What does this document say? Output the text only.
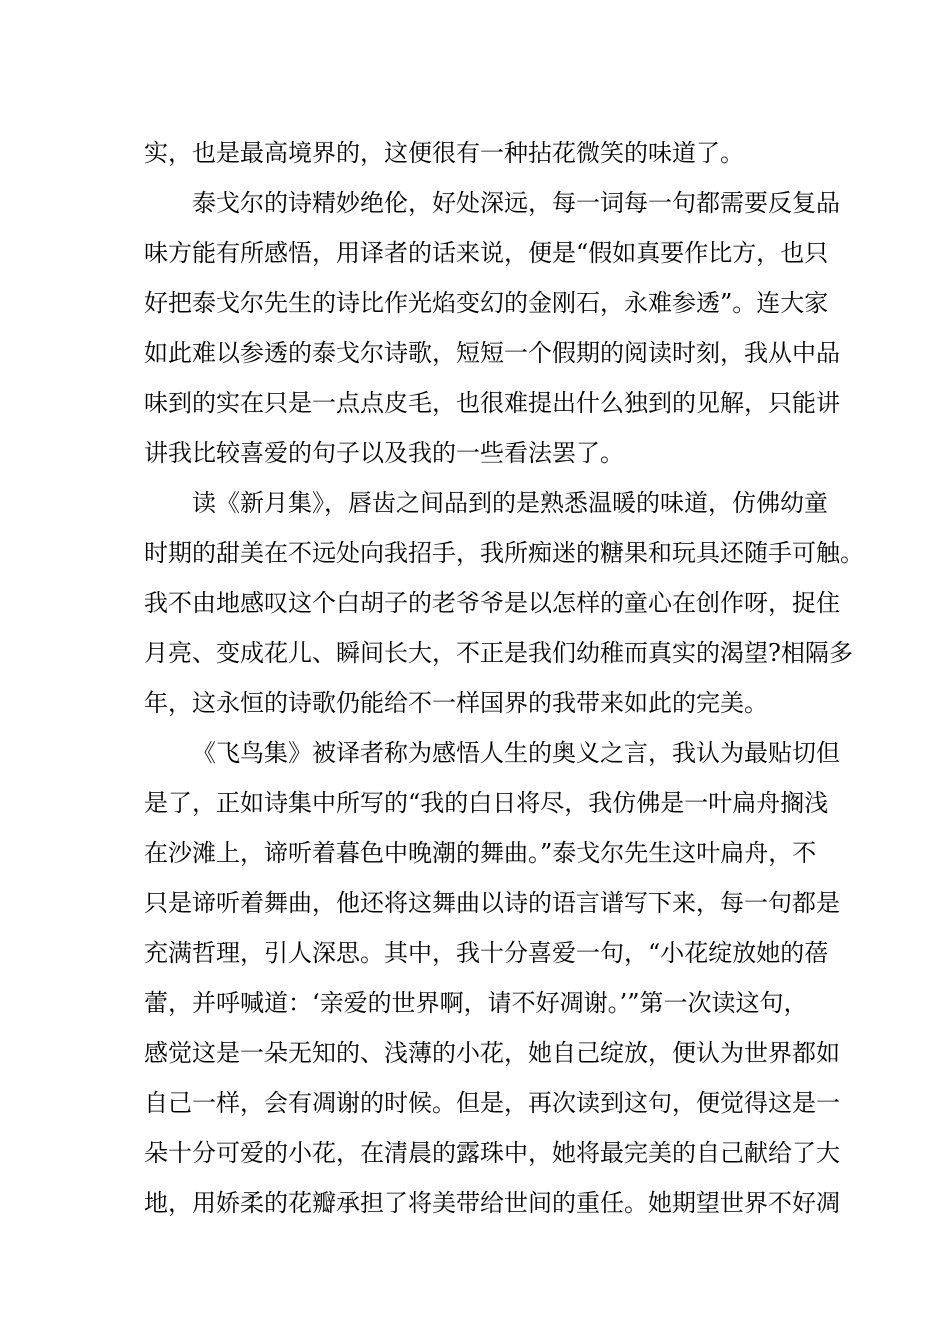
实，也是最高境界的，这便很有一种拈花微笑的味道了。
泰戈尔的诗精妙绝伦，好处深远，每一词每一句都需要反复品
味方能有所感悟，用译者的话来说，便是“假如真要作比方，也只
好把泰戈尔先生的诗比作光焰变幻的金刚石，永难参透”。连大家
如此难以参透的泰戈尔诗歌，短短一个假期的阅读时刻，我从中品
味到的实在只是一点点皮毛，也很难提出什么独到的见解，只能讲
讲我比较喜爱的句子以及我的一些看法罢了。
读《新月集》，唇齿之间品到的是熟悉温暖的味道，仿佛幼童
时期的甜美在不远处向我招手，我所痴迷的糖果和玩具还随手可触。
我不由地感叹这个白胡子的老爷爷是以怎样的童心在创作呀，捉住
月亮、变成花儿、瞬间长大，不正是我们幼稚而真实的渴望?相隔多
年，这永恒的诗歌仍能给不一样国界的我带来如此的完美。
《飞鸟集》被译者称为感悟人生的奥义之言，我认为最贴切但
是了，正如诗集中所写的“我的白日将尽，我仿佛是一叶扁舟搁浅
在沙滩上，谛听着暮色中晚潮的舞曲。”泰戈尔先生这叶扁舟，不
只是谛听着舞曲，他还将这舞曲以诗的语言谱写下来，每一句都是
充满哲理，引人深思。其中，我十分喜爱一句，“小花绽放她的蓓
蕾，并呼喊道：‘亲爱的世界啊，请不好凋谢。’”第一次读这句，
感觉这是一朵无知的、浅薄的小花，她自己绽放，便认为世界都如
自己一样，会有凋谢的时候。但是，再次读到这句，便觉得这是一
朵十分可爱的小花，在清晨的露珠中，她将最完美的自己献给了大
地，用娇柔的花瓣承担了将美带给世间的重任。她期望世界不好凋
